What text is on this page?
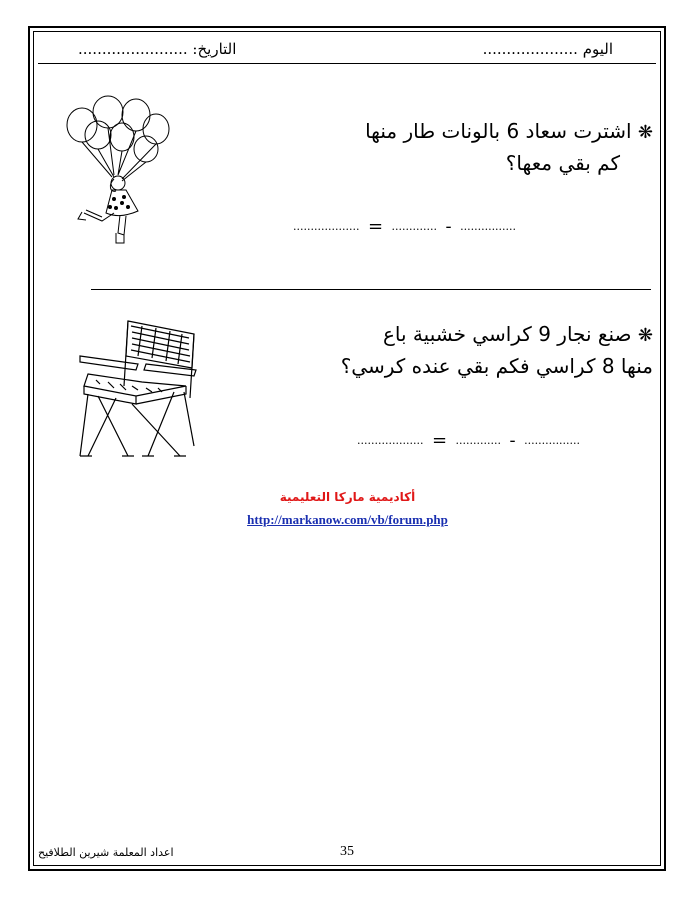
اليوم ....................
التاريخ: .......................
❋ اشترت سعاد 6 بالونات طار منها
كم بقي معها؟
................... = ............. - ................
❋ صنع نجار 9 كراسي خشبية باع
منها 8 كراسي فكم بقي عنده كرسي؟
................... = ............. - ................
أكاديمية ماركا التعليمية
http://markanow.com/vb/forum.php
اعداد المعلمة شيرين الطلافيح	35
